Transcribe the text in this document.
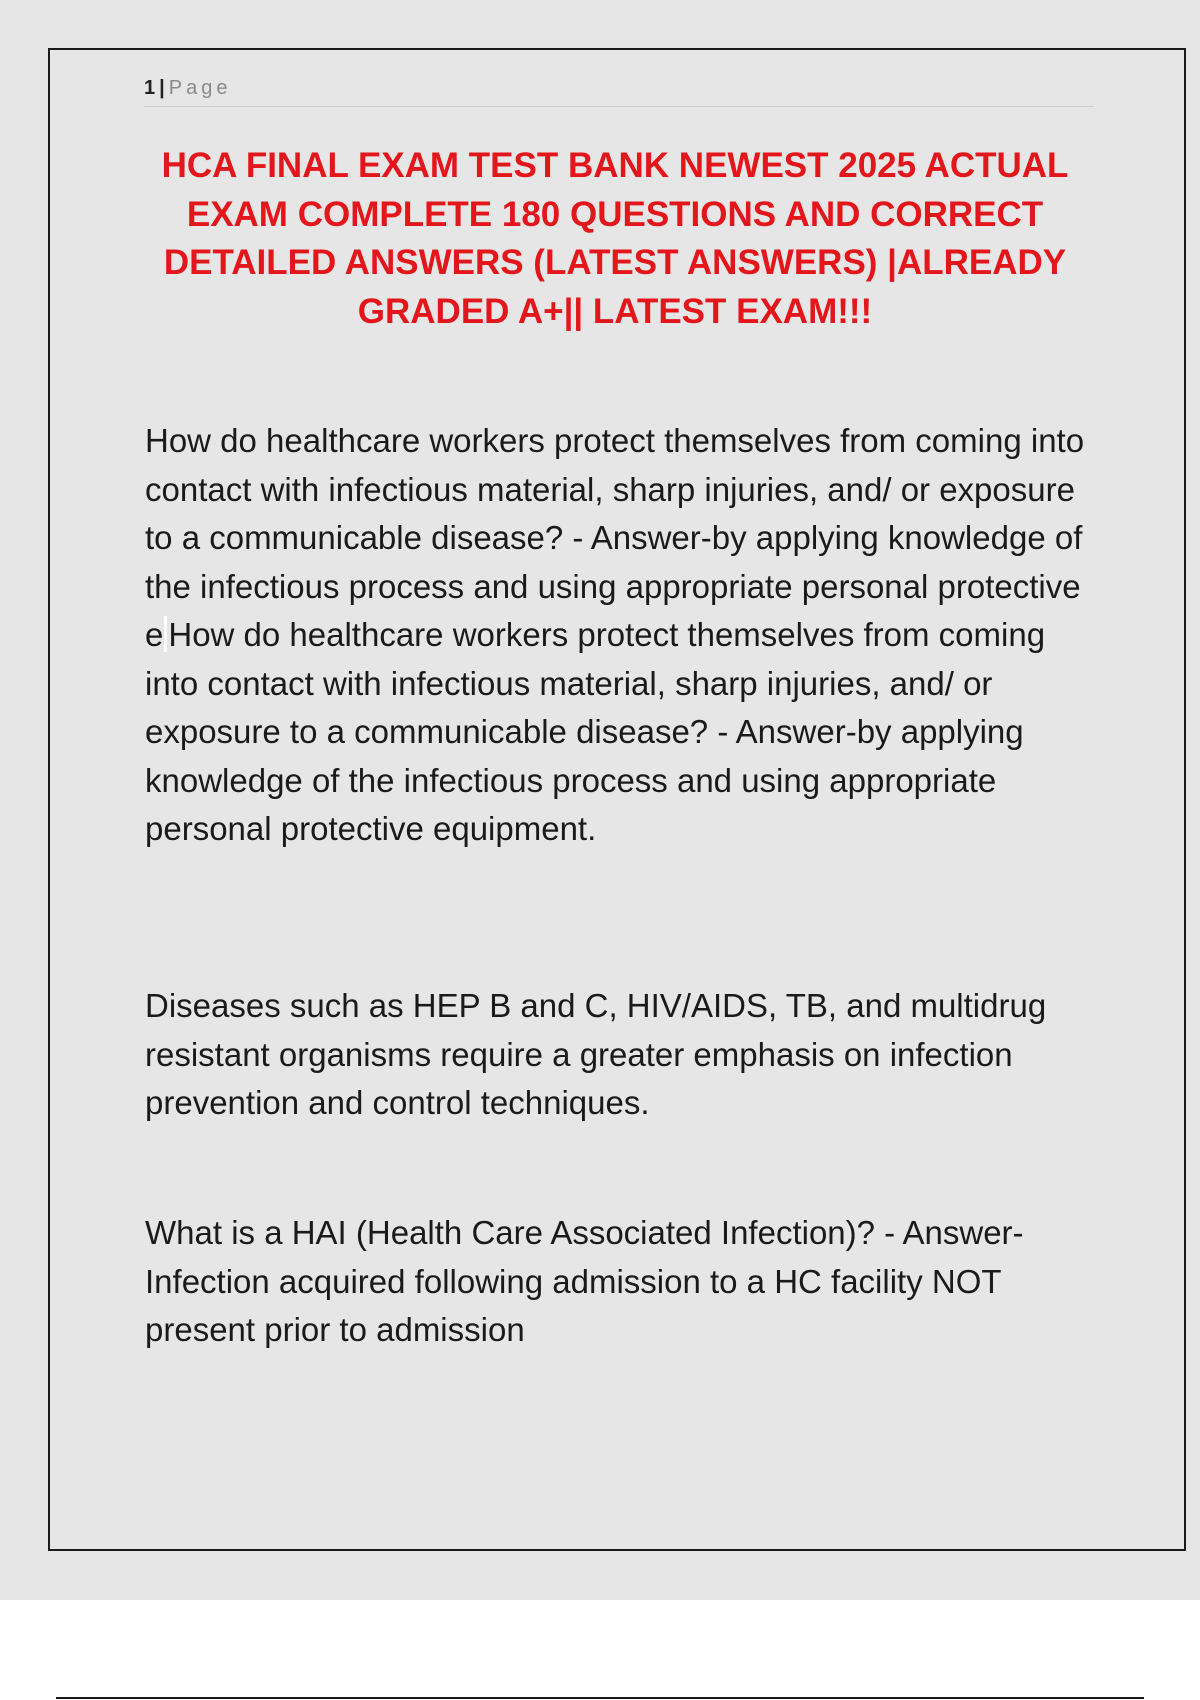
1 | Page
HCA FINAL EXAM TEST BANK NEWEST 2025 ACTUAL EXAM COMPLETE 180 QUESTIONS AND CORRECT DETAILED ANSWERS (LATEST ANSWERS) |ALREADY GRADED A+|| LATEST EXAM!!!

How do healthcare workers protect themselves from coming into contact with infectious material, sharp injuries, and/ or exposure to a communicable disease? - Answer-by applying knowledge of the infectious process and using appropriate personal protective e How do healthcare workers protect themselves from coming into contact with infectious material, sharp injuries, and/ or exposure to a communicable disease? - Answer-by applying knowledge of the infectious process and using appropriate personal protective equipment.

Diseases such as HEP B and C, HIV/AIDS, TB, and multidrug resistant organisms require a greater emphasis on infection prevention and control techniques.

What is a HAI (Health Care Associated Infection)? - Answer-Infection acquired following admission to a HC facility NOT present prior to admission
